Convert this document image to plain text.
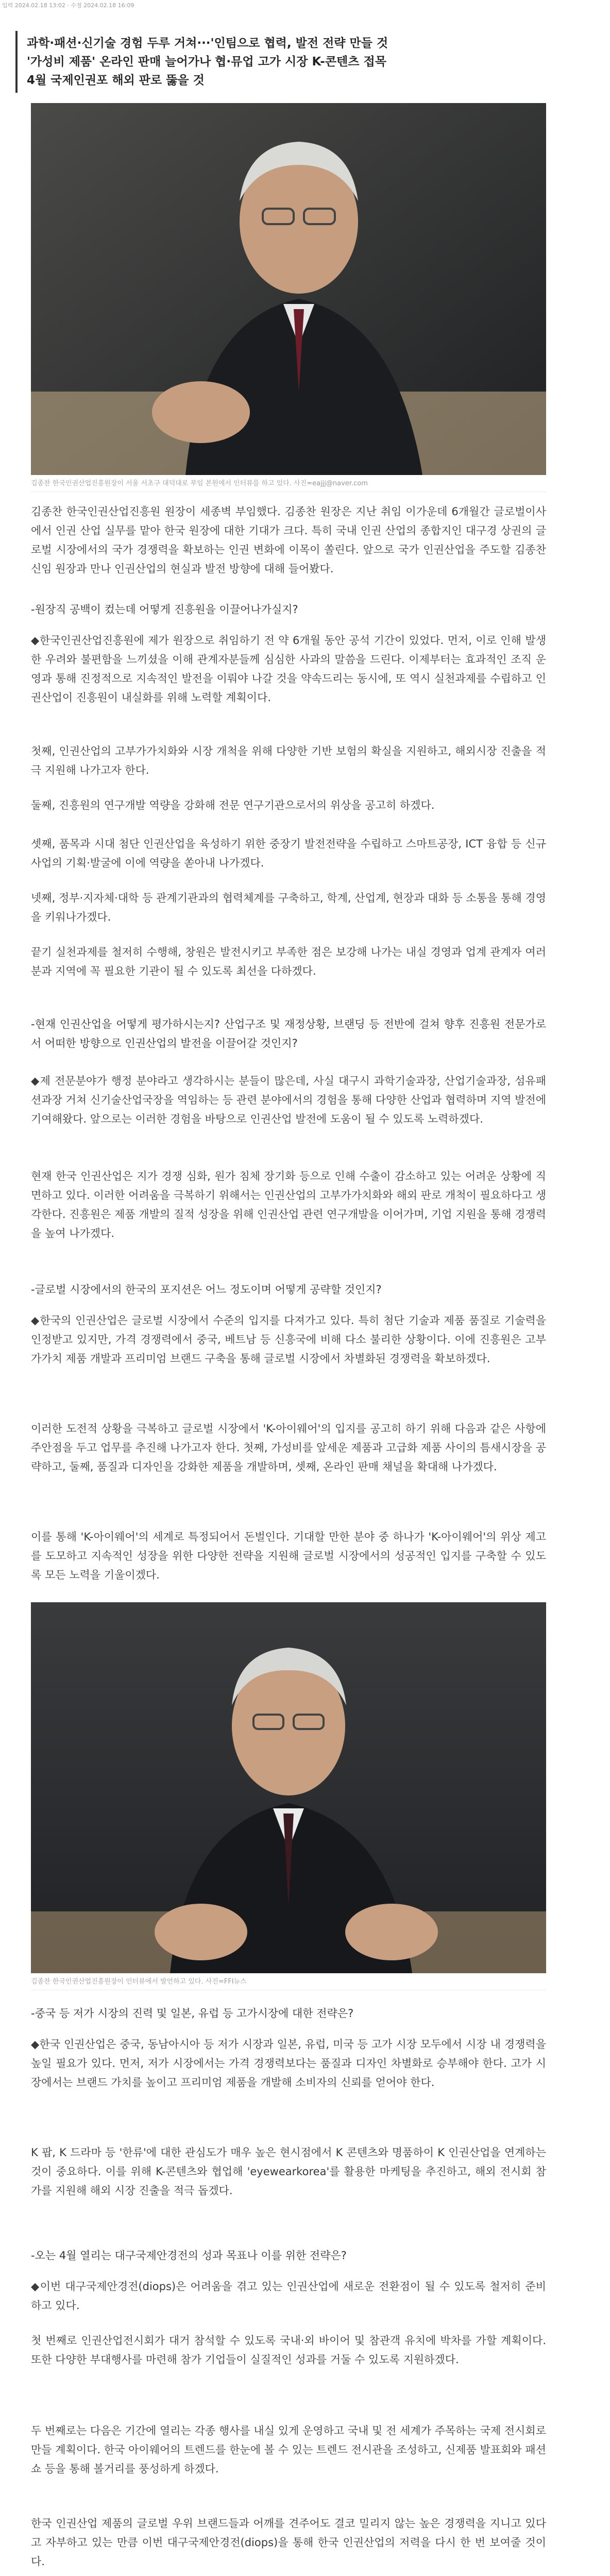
입력 2024.02.18 13:02 · 수정 2024.02.18 16:09
과학·패션·신기술 경험 두루 거쳐···'인팀으로 협력, 발전 전략 만들 것
'가성비 제품' 온라인 판매 늘어가나 협·뮤업 고가 시장 K-콘텐츠 접목
4월 국제인권포 해외 판로 뚫을 것
김종찬 한국인권산업진흥원장이 서울 서초구 대덕대로 부임 본원에서 인터뷰를 하고 있다. 사진=eajjj@naver.com

김종찬 한국인권산업진흥원 원장이 세종벽 부임했다. 김종찬 원장은 지난 취임 이가운데 6개월간 글로벌이사에서 인권 산업 실무를 맡아 한국 원장에 대한 기대가 크다. 특히 국내 인권 산업의 종합지인 대구경 상권의 글로벌 시장에서의 국가 경쟁력을 확보하는 인권 변화에 이목이 쏠린다. 앞으로 국가 인권산업을 주도할 김종찬 신임 원장과 만나 인권산업의 현실과 발전 방향에 대해 들어봤다.

-원장직 공백이 컸는데 어떻게 진흥원을 이끌어나가실지?

◆한국인권산업진흥원에 제가 원장으로 취임하기 전 약 6개월 동안 공석 기간이 있었다. 먼저, 이로 인해 발생한 우려와 불편함을 느끼셨을 이해 관계자분들께 심심한 사과의 말씀을 드린다. 이제부터는 효과적인 조직 운영과 통해 진정적으로 지속적인 발전을 이뤄야 나갈 것을 약속드리는 동시에, 또 역시 실천과제를 수립하고 인권산업이 진흥원이 내실화를 위해 노력할 계획이다.

첫째, 인권산업의 고부가가치화와 시장 개척을 위해 다양한 기반 보험의 확실을 지원하고, 해외시장 진출을 적극 지원해 나가고자 한다.

둘째, 진흥원의 연구개발 역량을 강화해 전문 연구기관으로서의 위상을 공고히 하겠다.

셋째, 품목과 시대 첨단 인권산업을 육성하기 위한 중장기 발전전략을 수립하고 스마트공장, ICT 융합 등 신규 사업의 기획·발굴에 이에 역량을 쏟아내 나가겠다.

넷째, 정부·지자체·대학 등 관계기관과의 협력체계를 구축하고, 학계, 산업계, 현장과 대화 등 소통을 통해 경영을 키워나가겠다.

끝기 실천과제를 철저히 수행해, 창원은 발전시키고 부족한 점은 보강해 나가는 내실 경영과 업계 관계자 여러분과 지역에 꼭 필요한 기관이 될 수 있도록 최선을 다하겠다.

-현재 인권산업을 어떻게 평가하시는지? 산업구조 및 재정상황, 브랜딩 등 전반에 걸쳐 향후 진흥원 전문가로서 어떠한 방향으로 인권산업의 발전을 이끌어갈 것인지?

◆제 전문분야가 행정 분야라고 생각하시는 분들이 많은데, 사실 대구시 과학기술과장, 산업기술과장, 섬유패션과장 거쳐 신기술산업국장을 역임하는 등 관련 분야에서의 경험을 통해 다양한 산업과 협력하며 지역 발전에 기여해왔다. 앞으로는 이러한 경험을 바탕으로 인권산업 발전에 도움이 될 수 있도록 노력하겠다.

현재 한국 인권산업은 지가 경쟁 심화, 원가 침체 장기화 등으로 인해 수출이 감소하고 있는 어려운 상황에 직면하고 있다. 이러한 어려움을 극복하기 위해서는 인권산업의 고부가가치화와 해외 판로 개척이 필요하다고 생각한다. 진흥원은 제품 개발의 질적 성장을 위해 인권산업 관련 연구개발을 이어가며, 기업 지원을 통해 경쟁력을 높여 나가겠다.

-글로벌 시장에서의 한국의 포지션은 어느 정도이며 어떻게 공략할 것인지?

◆한국의 인권산업은 글로벌 시장에서 수준의 입지를 다져가고 있다. 특히 첨단 기술과 제품 품질로 기술력을 인정받고 있지만, 가격 경쟁력에서 중국, 베트남 등 신흥국에 비해 다소 불리한 상황이다. 이에 진흥원은 고부가가치 제품 개발과 프리미엄 브랜드 구축을 통해 글로벌 시장에서 차별화된 경쟁력을 확보하겠다.

이러한 도전적 상황을 극복하고 글로벌 시장에서 'K-아이웨어'의 입지를 공고히 하기 위해 다음과 같은 사항에 주안점을 두고 업무를 추진해 나가고자 한다. 첫째, 가성비를 앞세운 제품과 고급화 제품 사이의 틈새시장을 공략하고, 둘째, 품질과 디자인을 강화한 제품을 개발하며, 셋째, 온라인 판매 채널을 확대해 나가겠다.

이를 통해 'K-아이웨어'의 세계로 특정되어서 돈벌인다. 기대할 만한 분야 중 하나가 'K-아이웨어'의 위상 제고를 도모하고 지속적인 성장을 위한 다양한 전략을 지원해 글로벌 시장에서의 성공적인 입지를 구축할 수 있도록 모든 노력을 기울이겠다.

김종찬 한국인권산업진흥원장이 인터뷰에서 발언하고 있다. 사진=FFI뉴스

-중국 등 저가 시장의 진력 및 일본, 유럽 등 고가시장에 대한 전략은?

◆한국 인권산업은 중국, 동남아시아 등 저가 시장과 일본, 유럽, 미국 등 고가 시장 모두에서 시장 내 경쟁력을 높일 필요가 있다. 먼저, 저가 시장에서는 가격 경쟁력보다는 품질과 디자인 차별화로 승부해야 한다. 고가 시장에서는 브랜드 가치를 높이고 프리미엄 제품을 개발해 소비자의 신뢰를 얻어야 한다.

K 팝, K 드라마 등 '한류'에 대한 관심도가 매우 높은 현시점에서 K 콘텐츠와 명품하이 K 인권산업을 연계하는 것이 중요하다. 이를 위해 K-콘텐츠와 협업해 'eyewearkorea'를 활용한 마케팅을 추진하고, 해외 전시회 참가를 지원해 해외 시장 진출을 적극 돕겠다.

-오는 4월 열리는 대구국제안경전의 성과 목표나 이를 위한 전략은?

◆이번 대구국제안경전(diops)은 어려움을 겪고 있는 인권산업에 새로운 전환점이 될 수 있도록 철저히 준비하고 있다.

첫 번째로 인권산업전시회가 대거 참석할 수 있도록 국내·외 바이어 및 참관객 유치에 박차를 가할 계획이다. 또한 다양한 부대행사를 마련해 참가 기업들이 실질적인 성과를 거둘 수 있도록 지원하겠다.

두 번째로는 다음은 기간에 열리는 각종 행사를 내실 있게 운영하고 국내 및 전 세계가 주목하는 국제 전시회로 만들 계획이다. 한국 아이웨어의 트렌드를 한눈에 볼 수 있는 트렌드 전시관을 조성하고, 신제품 발표회와 패션쇼 등을 통해 볼거리를 풍성하게 하겠다.

한국 인권산업 제품의 글로벌 우위 브랜드들과 어깨를 견주어도 결코 밀리지 않는 높은 경쟁력을 지니고 있다고 자부하고 있는 만큼 이번 대구국제안경전(diops)을 통해 한국 인권산업의 저력을 다시 한 번 보여줄 것이다.
